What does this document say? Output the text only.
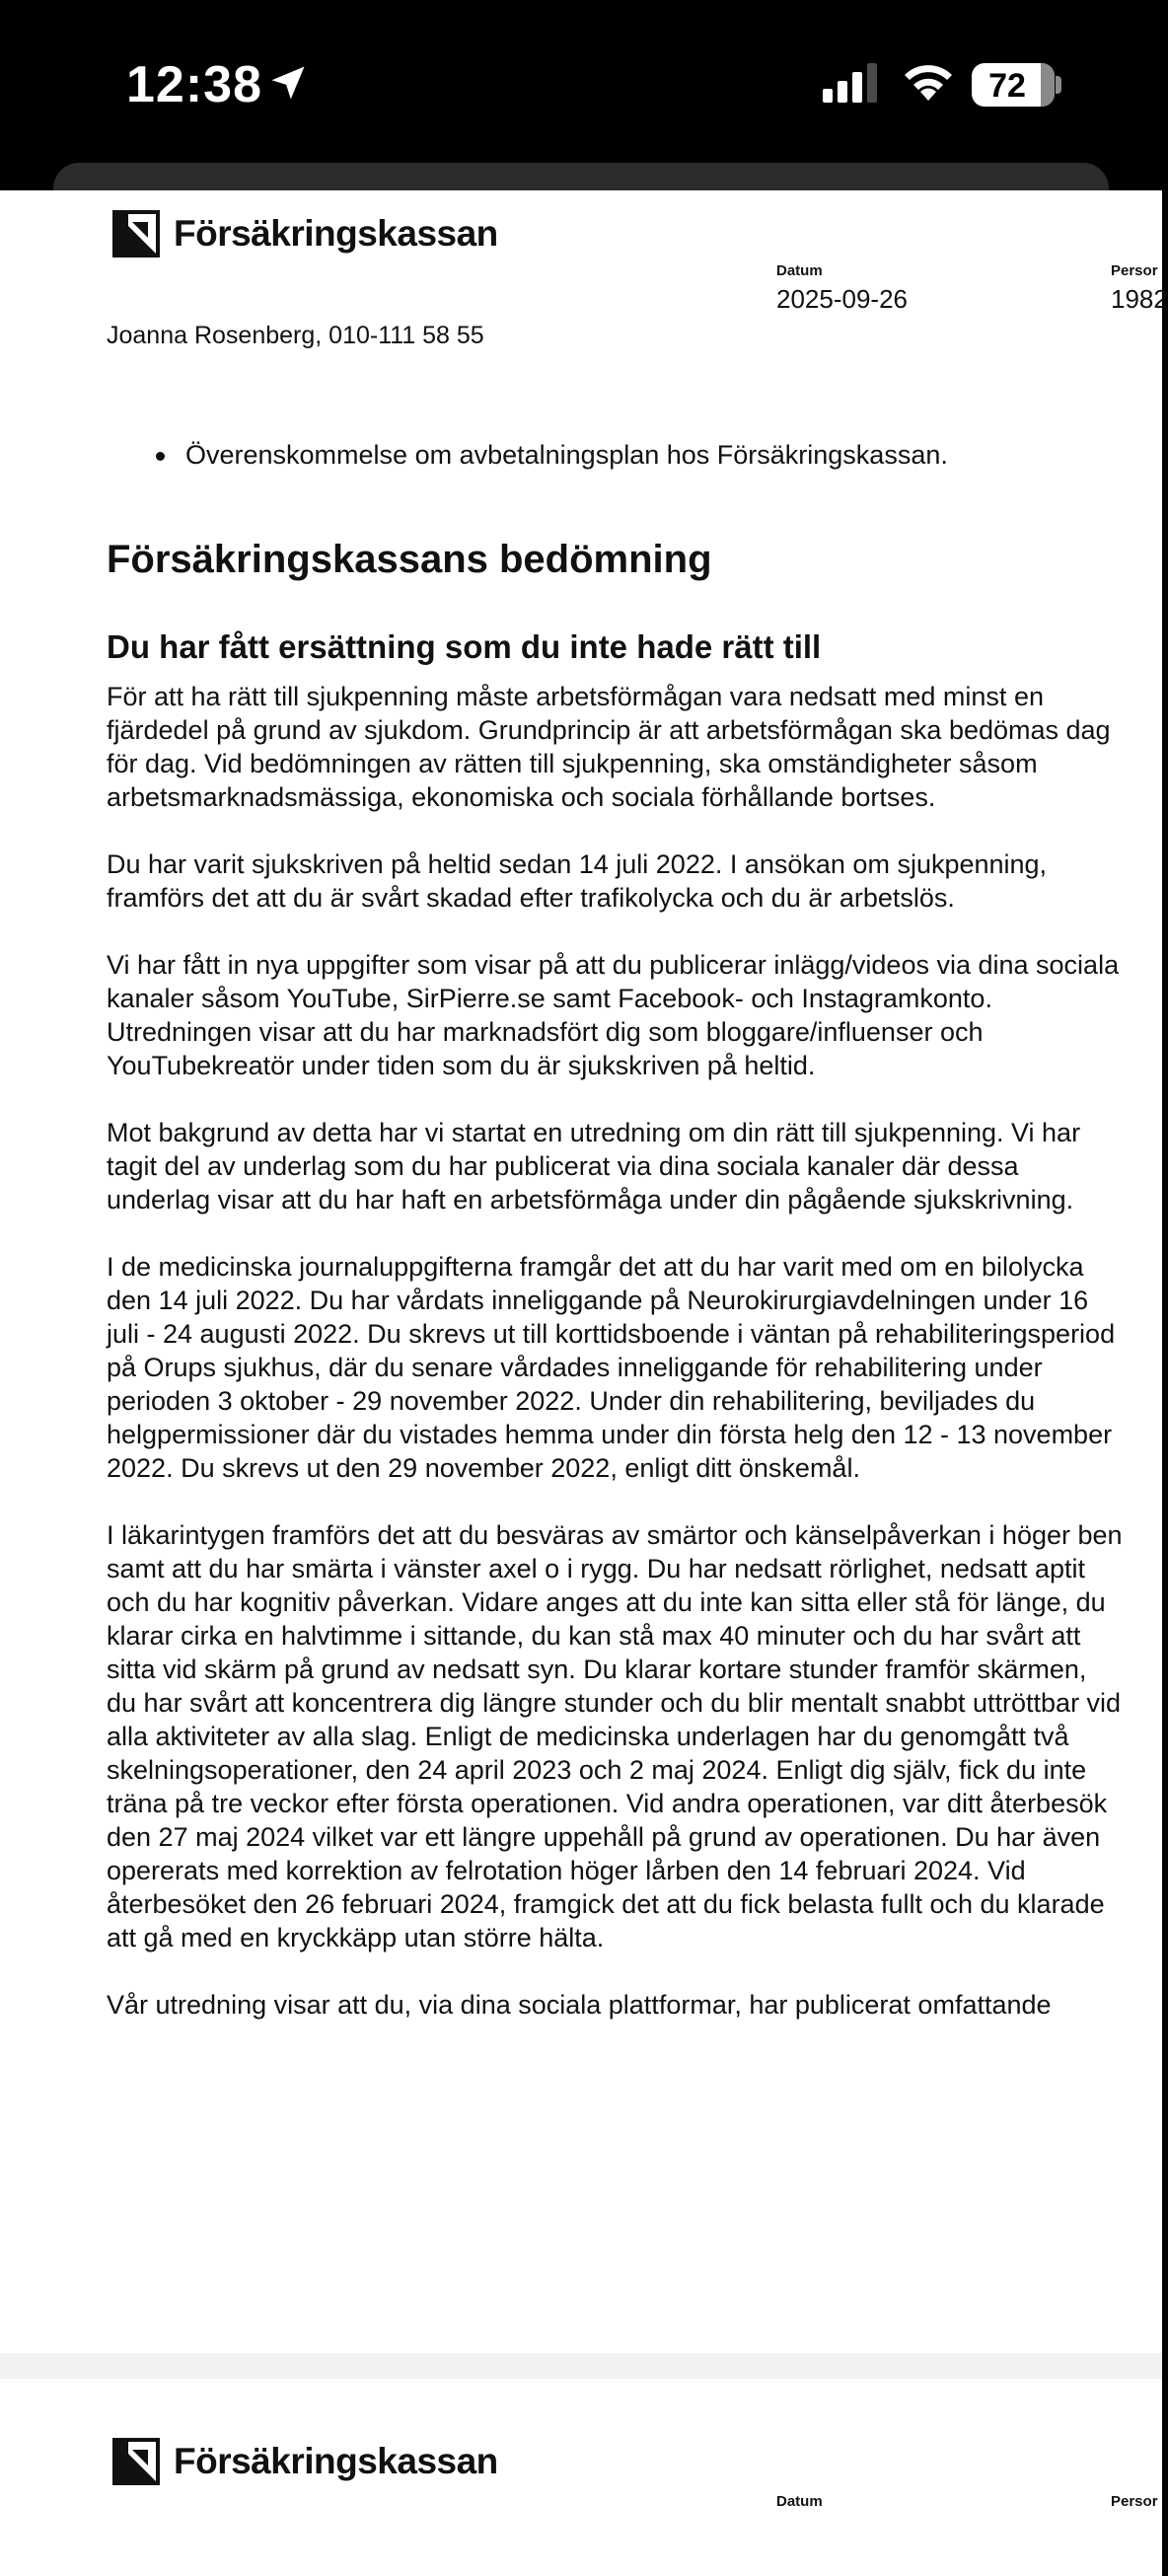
12:38	72
Försäkringskassan
Datum
2025-09-26
Persor
1982
Joanna Rosenberg, 010-111 58 55
Överenskommelse om avbetalningsplan hos Försäkringskassan.
Försäkringskassans bedömning
Du har fått ersättning som du inte hade rätt till

För att ha rätt till sjukpenning måste arbetsförmågan vara nedsatt med minst en fjärdedel på grund av sjukdom. Grundprincip är att arbetsförmågan ska bedömas dag för dag. Vid bedömningen av rätten till sjukpenning, ska omständigheter såsom arbetsmarknadsmässiga, ekonomiska och sociala förhållande bortses.

Du har varit sjukskriven på heltid sedan 14 juli 2022. I ansökan om sjukpenning, framförs det att du är svårt skadad efter trafikolycka och du är arbetslös.

Vi har fått in nya uppgifter som visar på att du publicerar inlägg/videos via dina sociala kanaler såsom YouTube, SirPierre.se samt Facebook- och Instagramkonto. Utredningen visar att du har marknadsfört dig som bloggare/influenser och YouTubekreatör under tiden som du är sjukskriven på heltid.

Mot bakgrund av detta har vi startat en utredning om din rätt till sjukpenning. Vi har tagit del av underlag som du har publicerat via dina sociala kanaler där dessa underlag visar att du har haft en arbetsförmåga under din pågående sjukskrivning.

I de medicinska journaluppgifterna framgår det att du har varit med om en bilolycka den 14 juli 2022. Du har vårdats inneliggande på Neurokirurgiavdelningen under 16 juli - 24 augusti 2022. Du skrevs ut till korttidsboende i väntan på rehabiliteringsperiod på Orups sjukhus, där du senare vårdades inneliggande för rehabilitering under perioden 3 oktober - 29 november 2022. Under din rehabilitering, beviljades du helgpermissioner där du vistades hemma under din första helg den 12 - 13 november 2022. Du skrevs ut den 29 november 2022, enligt ditt önskemål.

I läkarintygen framförs det att du besväras av smärtor och känselpåverkan i höger ben samt att du har smärta i vänster axel o i rygg. Du har nedsatt rörlighet, nedsatt aptit och du har kognitiv påverkan. Vidare anges att du inte kan sitta eller stå för länge, du klarar cirka en halvtimme i sittande, du kan stå max 40 minuter och du har svårt att sitta vid skärm på grund av nedsatt syn. Du klarar kortare stunder framför skärmen, du har svårt att koncentrera dig längre stunder och du blir mentalt snabbt uttröttbar vid alla aktiviteter av alla slag. Enligt de medicinska underlagen har du genomgått två skelningsoperationer, den 24 april 2023 och 2 maj 2024. Enligt dig själv, fick du inte träna på tre veckor efter första operationen. Vid andra operationen, var ditt återbesök den 27 maj 2024 vilket var ett längre uppehåll på grund av operationen. Du har även opererats med korrektion av felrotation höger lårben den 14 februari 2024. Vid återbesöket den 26 februari 2024, framgick det att du fick belasta fullt och du klarade att gå med en kryckkäpp utan större hälta.

Vår utredning visar att du, via dina sociala plattformar, har publicerat omfattande

Försäkringskassan
Datum	Persor
